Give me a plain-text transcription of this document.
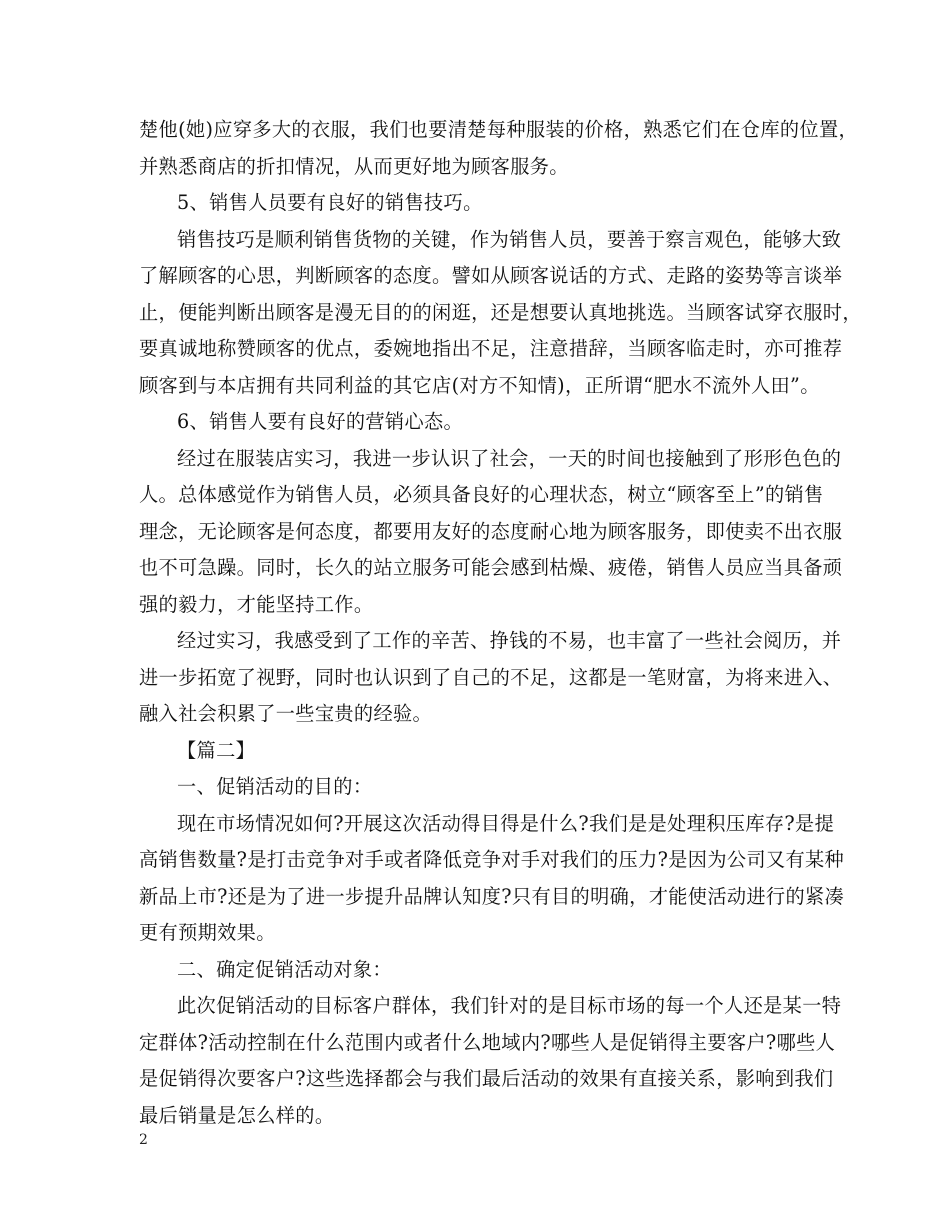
楚他(她)应穿多大的衣服，我们也要清楚每种服装的价格，熟悉它们在仓库的位置，
并熟悉商店的折扣情况，从而更好地为顾客服务。
5、销售人员要有良好的销售技巧。
销售技巧是顺利销售货物的关键，作为销售人员，要善于察言观色，能够大致
了解顾客的心思，判断顾客的态度。譬如从顾客说话的方式、走路的姿势等言谈举
止，便能判断出顾客是漫无目的的闲逛，还是想要认真地挑选。当顾客试穿衣服时，
要真诚地称赞顾客的优点，委婉地指出不足，注意措辞，当顾客临走时，亦可推荐
顾客到与本店拥有共同利益的其它店(对方不知情)，正所谓“肥水不流外人田”。
6、销售人要有良好的营销心态。
经过在服装店实习，我进一步认识了社会，一天的时间也接触到了形形色色的
人。总体感觉作为销售人员，必须具备良好的心理状态，树立“顾客至上”的销售
理念，无论顾客是何态度，都要用友好的态度耐心地为顾客服务，即使卖不出衣服
也不可急躁。同时，长久的站立服务可能会感到枯燥、疲倦，销售人员应当具备顽
强的毅力，才能坚持工作。
经过实习，我感受到了工作的辛苦、挣钱的不易，也丰富了一些社会阅历，并
进一步拓宽了视野，同时也认识到了自己的不足，这都是一笔财富，为将来进入、
融入社会积累了一些宝贵的经验。
【篇二】
一、促销活动的目的：
现在市场情况如何?开展这次活动得目得是什么?我们是是处理积压库存?是提
高销售数量?是打击竞争对手或者降低竞争对手对我们的压力?是因为公司又有某种
新品上市?还是为了进一步提升品牌认知度?只有目的明确，才能使活动进行的紧凑
更有预期效果。
二、确定促销活动对象：
此次促销活动的目标客户群体，我们针对的是目标市场的每一个人还是某一特
定群体?活动控制在什么范围内或者什么地域内?哪些人是促销得主要客户?哪些人
是促销得次要客户?这些选择都会与我们最后活动的效果有直接关系，影响到我们
最后销量是怎么样的。
2
